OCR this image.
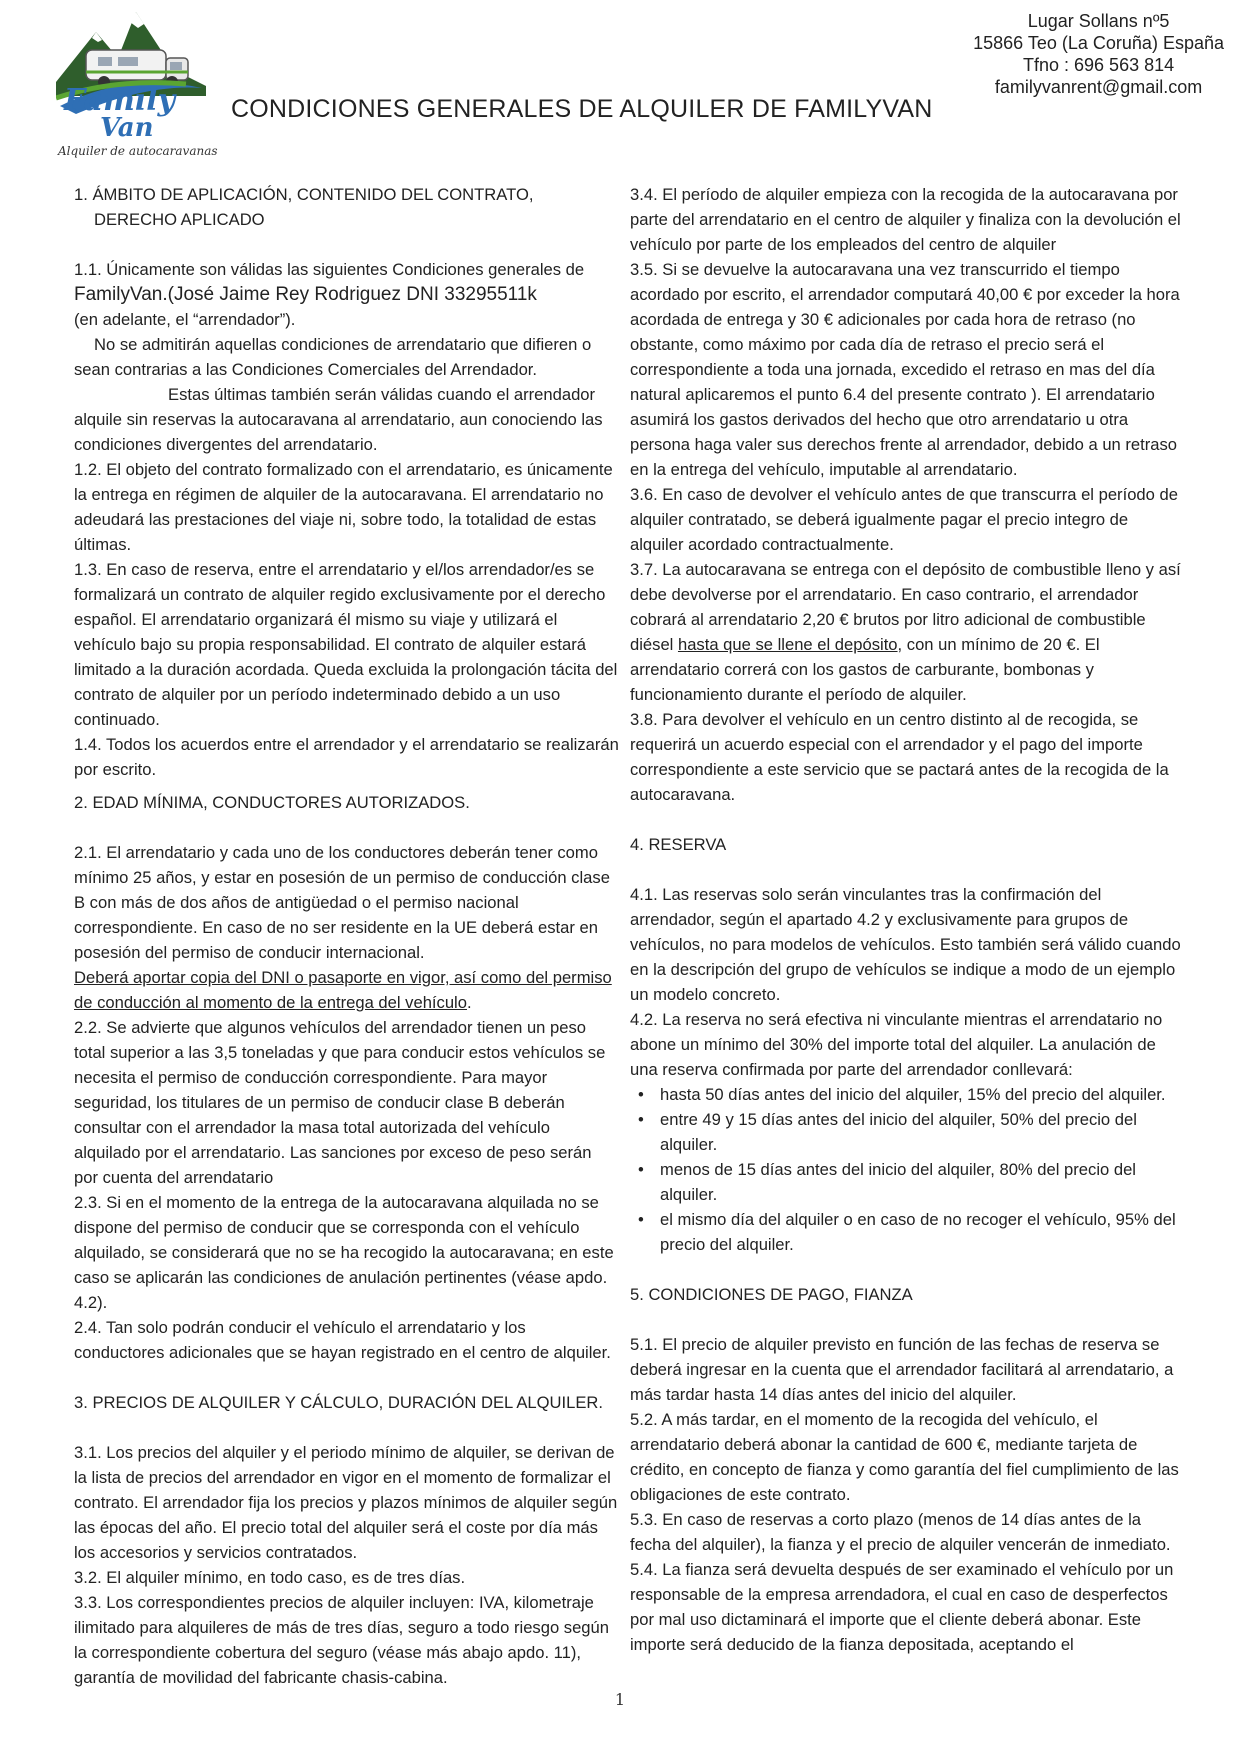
Family
Van
Alquiler de autocaravanas
CONDICIONES GENERALES DE ALQUILER DE FAMILYVAN
Lugar Sollans nº5
15866 Teo (La Coruña) España
Tfno : 696 563 814
familyvanrent@gmail.com

1. ÁMBITO DE APLICACIÓN, CONTENIDO DEL CONTRATO,

DERECHO APLICADO

1.1. Únicamente son válidas las siguientes Condiciones generales de

FamilyVan.(José Jaime Rey Rodriguez DNI 33295511k

(en adelante, el “arrendador”).

No se admitirán aquellas condiciones de arrendatario que difieren o sean contrarias a las Condiciones Comerciales del Arrendador.

Estas últimas también serán válidas cuando el arrendador alquile sin reservas la autocaravana al arrendatario, aun conociendo las condiciones divergentes del arrendatario.

1.2. El objeto del contrato formalizado con el arrendatario, es únicamente la entrega en régimen de alquiler de la autocaravana. El arrendatario no adeudará las prestaciones del viaje ni, sobre todo, la totalidad de estas últimas.

1.3. En caso de reserva, entre el arrendatario y el/los arrendador/es se formalizará un contrato de alquiler regido exclusivamente por el derecho español. El arrendatario organizará él mismo su viaje y utilizará el vehículo bajo su propia responsabilidad. El contrato de alquiler estará limitado a la duración acordada. Queda excluida la prolongación tácita del contrato de alquiler por un período indeterminado debido a un uso continuado.

1.4. Todos los acuerdos entre el arrendador y el arrendatario se realizarán por escrito.

2. EDAD MÍNIMA, CONDUCTORES AUTORIZADOS.

2.1. El arrendatario y cada uno de los conductores deberán tener como mínimo 25 años, y estar en posesión de un permiso de conducción clase B con más de dos años de antigüedad o el permiso nacional correspondiente. En caso de no ser residente en la UE deberá estar en posesión del permiso de conducir internacional.

Deberá aportar copia del DNI o pasaporte en vigor, así como del permiso de conducción al momento de la entrega del vehículo.

2.2. Se advierte que algunos vehículos del arrendador tienen un peso total superior a las 3,5 toneladas y que para conducir estos vehículos se necesita el permiso de conducción correspondiente. Para mayor seguridad, los titulares de un permiso de conducir clase B deberán consultar con el arrendador la masa total autorizada del vehículo alquilado por el arrendatario. Las sanciones por exceso de peso serán por cuenta del arrendatario

2.3. Si en el momento de la entrega de la autocaravana alquilada no se dispone del permiso de conducir que se corresponda con el vehículo alquilado, se considerará que no se ha recogido la autocaravana; en este caso se aplicarán las condiciones de anulación pertinentes (véase apdo. 4.2).

2.4. Tan solo podrán conducir el vehículo el arrendatario y los conductores adicionales que se hayan registrado en el centro de alquiler.

3. PRECIOS DE ALQUILER Y CÁLCULO, DURACIÓN DEL ALQUILER.

3.1. Los precios del alquiler y el periodo mínimo de alquiler, se derivan de la lista de precios del arrendador en vigor en el momento de formalizar el contrato. El arrendador fija los precios y plazos mínimos de alquiler según las épocas del año. El precio total del alquiler será el coste por día más los accesorios y servicios contratados.

3.2. El alquiler mínimo, en todo caso, es de tres días.

3.3. Los correspondientes precios de alquiler incluyen: IVA, kilometraje ilimitado para alquileres de más de tres días, seguro a todo riesgo según la correspondiente cobertura del seguro (véase más abajo apdo. 11), garantía de movilidad del fabricante chasis-cabina.

3.4. El período de alquiler empieza con la recogida de la autocaravana por parte del arrendatario en el centro de alquiler y finaliza con la devolución el vehículo por parte de los empleados del centro de alquiler

3.5. Si se devuelve la autocaravana una vez transcurrido el tiempo acordado por escrito, el arrendador computará 40,00 € por exceder la hora acordada de entrega y 30 € adicionales por cada hora de retraso (no obstante, como máximo por cada día de retraso el precio será el correspondiente a toda una jornada, excedido el retraso en mas del día natural aplicaremos el punto 6.4 del presente contrato ). El arrendatario asumirá los gastos derivados del hecho que otro arrendatario u otra persona haga valer sus derechos frente al arrendador, debido a un retraso en la entrega del vehículo, imputable al arrendatario.

3.6. En caso de devolver el vehículo antes de que transcurra el período de alquiler contratado, se deberá igualmente pagar el precio integro de alquiler acordado contractualmente.

3.7. La autocaravana se entrega con el depósito de combustible lleno y así debe devolverse por el arrendatario. En caso contrario, el arrendador cobrará al arrendatario 2,20 € brutos por litro adicional de combustible diésel hasta que se llene el depósito, con un mínimo de 20 €. El arrendatario correrá con los gastos de carburante, bombonas y funcionamiento durante el período de alquiler.

3.8. Para devolver el vehículo en un centro distinto al de recogida, se requerirá un acuerdo especial con el arrendador y el pago del importe correspondiente a este servicio que se pactará antes de la recogida de la autocaravana.

4. RESERVA

4.1. Las reservas solo serán vinculantes tras la confirmación del arrendador, según el apartado 4.2 y exclusivamente para grupos de vehículos, no para modelos de vehículos. Esto también será válido cuando en la descripción del grupo de vehículos se indique a modo de un ejemplo un modelo concreto.

4.2. La reserva no será efectiva ni vinculante mientras el arrendatario no abone un mínimo del 30% del importe total del alquiler. La anulación de una reserva confirmada por parte del arrendador conllevará:

• hasta 50 días antes del inicio del alquiler, 15% del precio del alquiler.
• entre 49 y 15 días antes del inicio del alquiler, 50% del precio del alquiler.
• menos de 15 días antes del inicio del alquiler, 80% del precio del alquiler.
• el mismo día del alquiler o en caso de no recoger el vehículo, 95% del precio del alquiler.

5. CONDICIONES DE PAGO, FIANZA

5.1. El precio de alquiler previsto en función de las fechas de reserva se deberá ingresar en la cuenta que el arrendador facilitará al arrendatario, a más tardar hasta 14 días antes del inicio del alquiler.

5.2. A más tardar, en el momento de la recogida del vehículo, el arrendatario deberá abonar la cantidad de 600 €, mediante tarjeta de crédito, en concepto de fianza y como garantía del fiel cumplimiento de las obligaciones de este contrato.

5.3. En caso de reservas a corto plazo (menos de 14 días antes de la fecha del alquiler), la fianza y el precio de alquiler vencerán de inmediato.

5.4. La fianza será devuelta después de ser examinado el vehículo por un responsable de la empresa arrendadora, el cual en caso de desperfectos por mal uso dictaminará el importe que el cliente deberá abonar. Este importe será deducido de la fianza depositada, aceptando el

1
